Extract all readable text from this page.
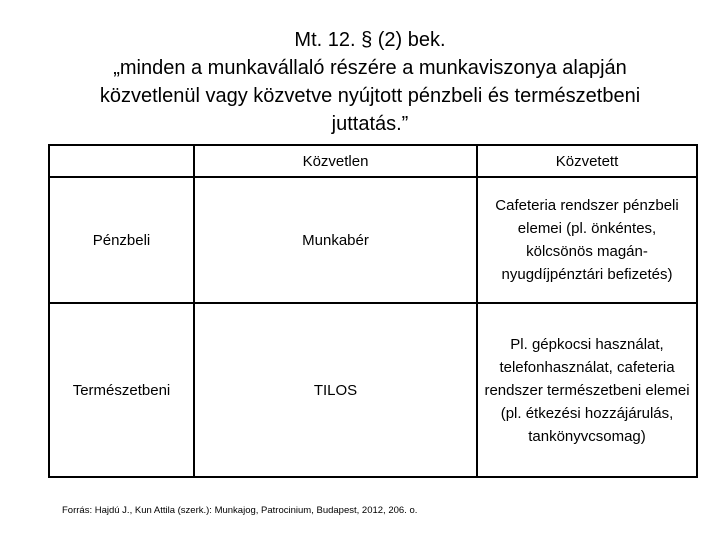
Mt. 12. § (2) bek.
„minden a munkavállaló részére a munkaviszonya alapján
közvetlenül vagy közvetve nyújtott pénzbeli és természetbeni
juttatás.”
	Közvetlen	Közvetett
Pénzbeli	Munkabér	Cafeteria rendszer pénzbeli elemei (pl. önkéntes, kölcsönös magán-nyugdíjpénztári befizetés)
Természetbeni	TILOS	Pl. gépkocsi használat, telefonhasználat, cafeteria rendszer természetbeni elemei (pl. étkezési hozzájárulás, tankönyvcsomag)
Forrás: Hajdú J., Kun Attila (szerk.): Munkajog, Patrocinium, Budapest, 2012, 206. o.
